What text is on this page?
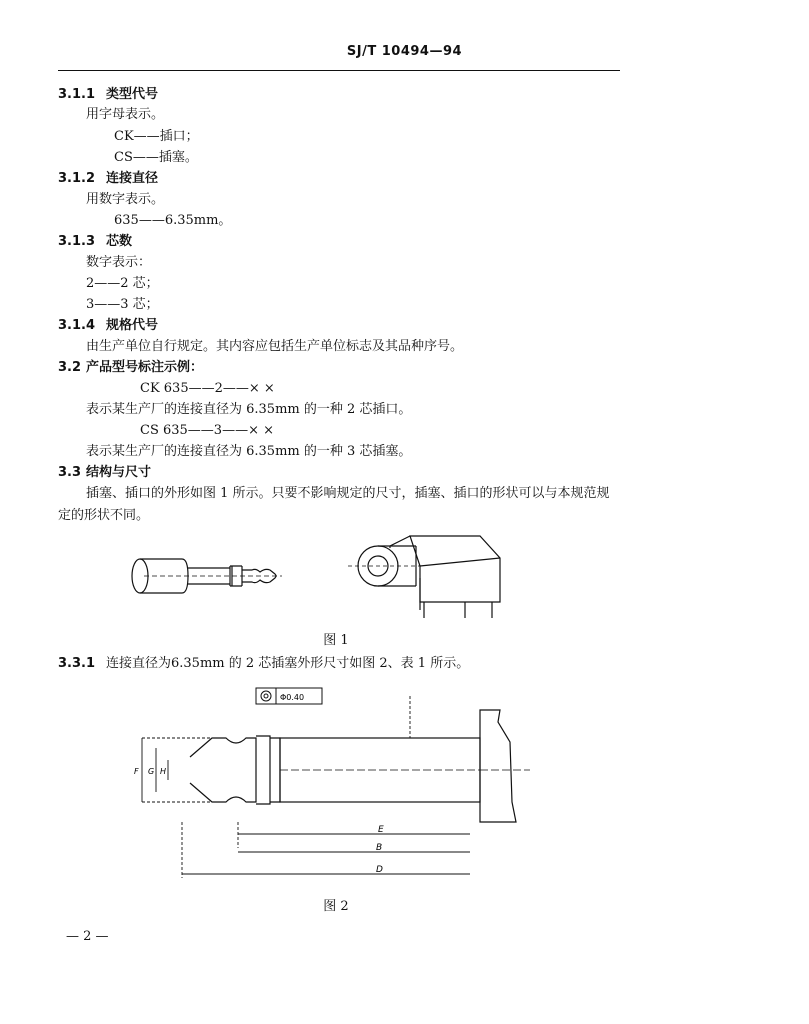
SJ/T 10494—94
3.1.1 类型代号
用字母表示。
CK——插口；
CS——插塞。
3.1.2 连接直径
用数字表示。
635——6.35mm。
3.1.3 芯数
数字表示：
2——2 芯；
3——3 芯；
3.1.4 规格代号
由生产单位自行规定。其内容应包括生产单位标志及其品种序号。
3.2 产品型号标注示例：
CK 635——2——× ×
表示某生产厂的连接直径为 6.35mm 的一种 2 芯插口。
CS 635——3——× ×
表示某生产厂的连接直径为 6.35mm 的一种 3 芯插塞。
3.3 结构与尺寸
插塞、插口的外形如图 1 所示。只要不影响规定的尺寸，插塞、插口的形状可以与本规范规定的形状不同。
图 1
3.3.1 连接直径为6.35mm 的 2 芯插塞外形尺寸如图 2、表 1 所示。
Φ0.40
E
B
D
F G H
图 2
— 2 —
